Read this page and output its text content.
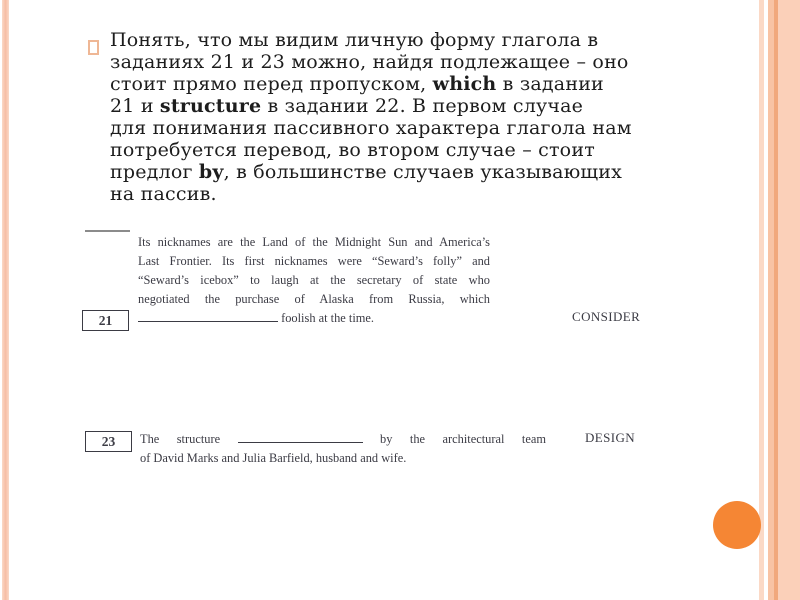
Понять, что мы видим личную форму глагола в
заданиях 21 и 23 можно, найдя подлежащее – оно
стоит прямо перед пропуском, which в задании
21 и structure в задании 22. В первом случае
для понимания пассивного характера глагола нам
потребуется перевод, во втором случае – стоит
предлог by, в большинстве случаев указывающих
на пассив.
Its nicknames are the Land of the Midnight Sun and America’s
Last Frontier. Its first nicknames were “Seward’s folly” and
“Seward’s icebox” to laugh at the secretary of state who
negotiated the purchase of Alaska from Russia, which
foolish at the time.
21	CONSIDER
The structure	by the architectural team
of David Marks and Julia Barfield, husband and wife.
23	DESIGN
